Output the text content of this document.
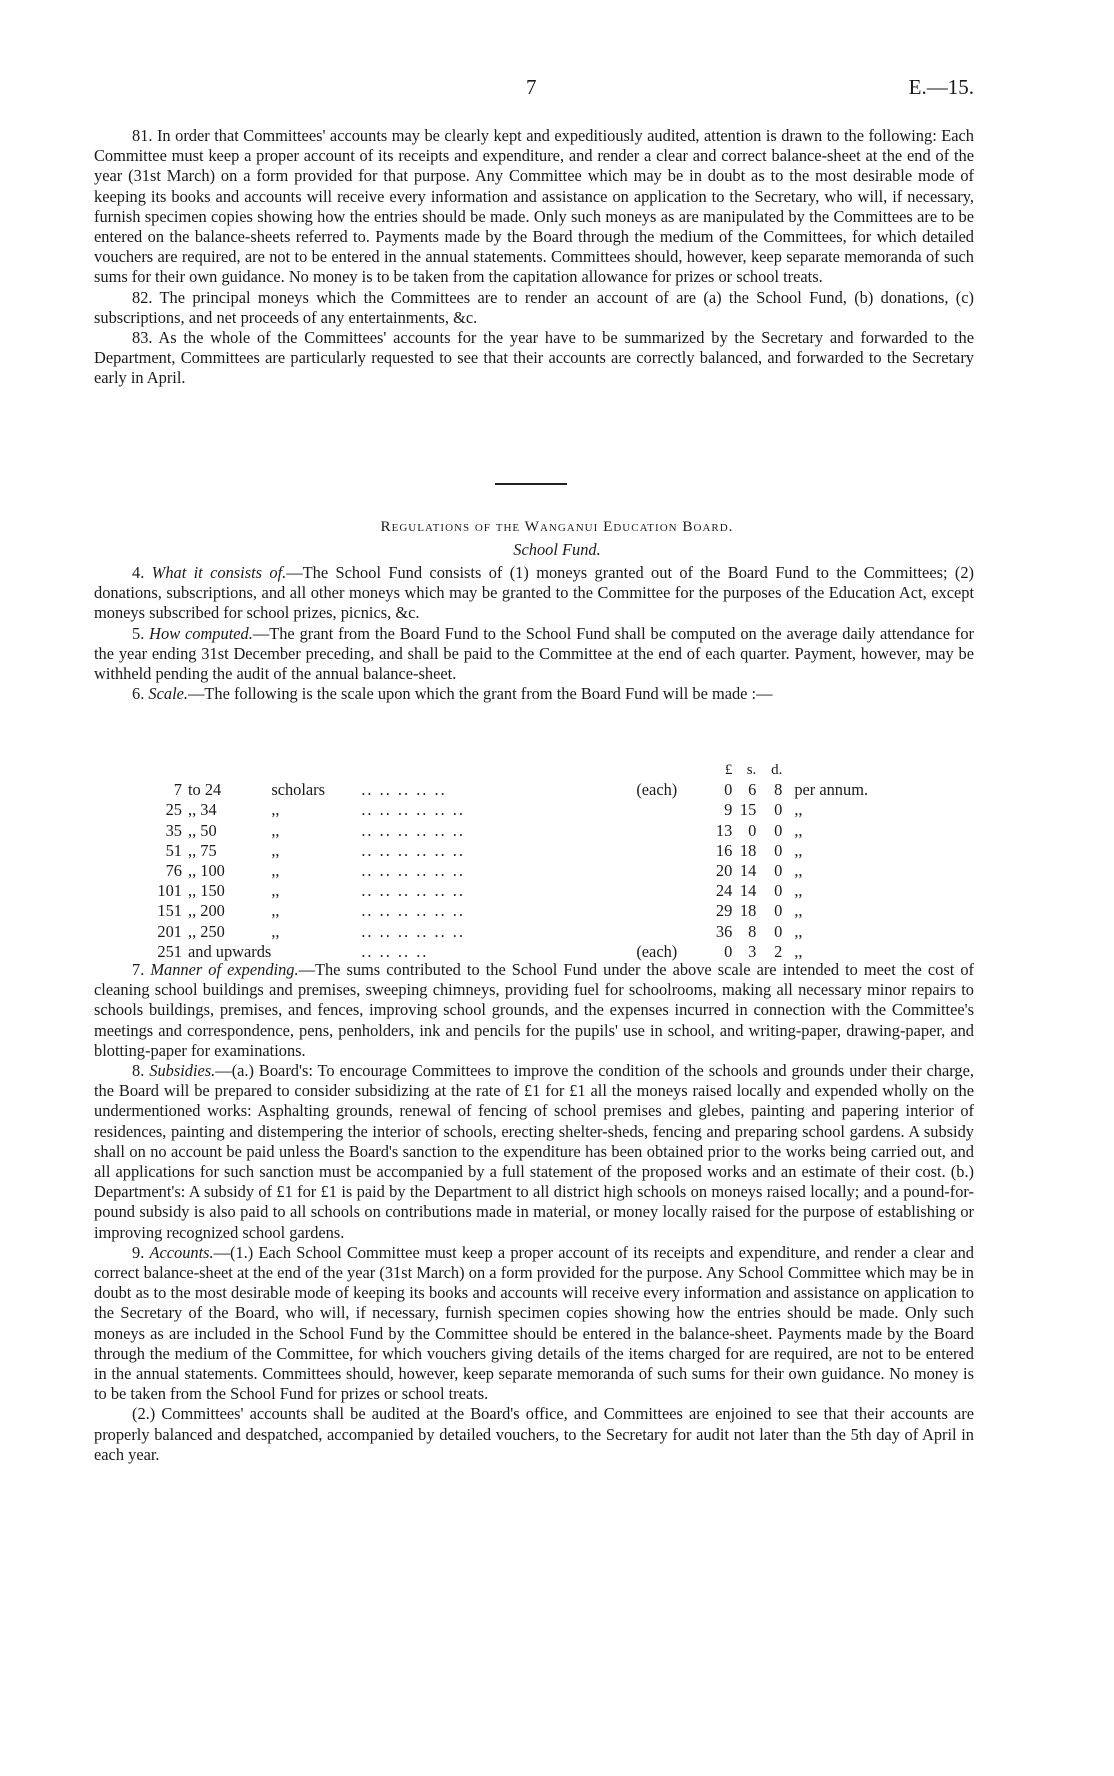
7	E.—15.

81. In order that Committees' accounts may be clearly kept and expeditiously audited, attention is drawn to the following: Each Committee must keep a proper account of its receipts and expenditure, and render a clear and correct balance-sheet at the end of the year (31st March) on a form provided for that purpose. Any Committee which may be in doubt as to the most desirable mode of keeping its books and accounts will receive every information and assistance on application to the Secretary, who will, if necessary, furnish specimen copies showing how the entries should be made. Only such moneys as are manipulated by the Committees are to be entered on the balance-sheets referred to. Payments made by the Board through the medium of the Committees, for which detailed vouchers are required, are not to be entered in the annual statements. Committees should, however, keep separate memoranda of such sums for their own guidance. No money is to be taken from the capitation allowance for prizes or school treats.

82. The principal moneys which the Committees are to render an account of are (a) the School Fund, (b) donations, (c) subscriptions, and net proceeds of any entertainments, &c.

83. As the whole of the Committees' accounts for the year have to be summarized by the Secretary and forwarded to the Department, Committees are particularly requested to see that their accounts are correctly balanced, and forwarded to the Secretary early in April.

Regulations of the Wanganui Education Board.
School Fund.

4. What it consists of.—The School Fund consists of (1) moneys granted out of the Board Fund to the Committees; (2) donations, subscriptions, and all other moneys which may be granted to the Committee for the purposes of the Education Act, except moneys subscribed for school prizes, picnics, &c.

5. How computed.—The grant from the Board Fund to the School Fund shall be computed on the average daily attendance for the year ending 31st December preceding, and shall be paid to the Committee at the end of each quarter. Payment, however, may be withheld pending the audit of the annual balance-sheet.

6. Scale.—The following is the scale upon which the grant from the Board Fund will be made :—

					£	s.	d.	
7	to 24	scholars	.. .. .. .. ..	(each)	0	6	8	per annum.
25	,, 34	,,	.. .. .. .. .. ..		9	15	0	,,
35	,, 50	,,	.. .. .. .. .. ..		13	0	0	,,
51	,, 75	,,	.. .. .. .. .. ..		16	18	0	,,
76	,, 100	,,	.. .. .. .. .. ..		20	14	0	,,
101	,, 150	,,	.. .. .. .. .. ..		24	14	0	,,
151	,, 200	,,	.. .. .. .. .. ..		29	18	0	,,
201	,, 250	,,	.. .. .. .. .. ..		36	8	0	,,
251	and upwards		.. .. .. ..	(each)	0	3	2	,,

7. Manner of expending.—The sums contributed to the School Fund under the above scale are intended to meet the cost of cleaning school buildings and premises, sweeping chimneys, providing fuel for schoolrooms, making all necessary minor repairs to schools buildings, premises, and fences, improving school grounds, and the expenses incurred in connection with the Committee's meetings and correspondence, pens, penholders, ink and pencils for the pupils' use in school, and writing-paper, drawing-paper, and blotting-paper for examinations.

8. Subsidies.—(a.) Board's: To encourage Committees to improve the condition of the schools and grounds under their charge, the Board will be prepared to consider subsidizing at the rate of £1 for £1 all the moneys raised locally and expended wholly on the undermentioned works: Asphalting grounds, renewal of fencing of school premises and glebes, painting and papering interior of residences, painting and distempering the interior of schools, erecting shelter-sheds, fencing and preparing school gardens. A subsidy shall on no account be paid unless the Board's sanction to the expenditure has been obtained prior to the works being carried out, and all applications for such sanction must be accompanied by a full statement of the proposed works and an estimate of their cost. (b.) Department's: A subsidy of £1 for £1 is paid by the Department to all district high schools on moneys raised locally; and a pound-for-pound subsidy is also paid to all schools on contributions made in material, or money locally raised for the purpose of establishing or improving recognized school gardens.

9. Accounts.—(1.) Each School Committee must keep a proper account of its receipts and expenditure, and render a clear and correct balance-sheet at the end of the year (31st March) on a form provided for the purpose. Any School Committee which may be in doubt as to the most desirable mode of keeping its books and accounts will receive every information and assistance on application to the Secretary of the Board, who will, if necessary, furnish specimen copies showing how the entries should be made. Only such moneys as are included in the School Fund by the Committee should be entered in the balance-sheet. Payments made by the Board through the medium of the Committee, for which vouchers giving details of the items charged for are required, are not to be entered in the annual statements. Committees should, however, keep separate memoranda of such sums for their own guidance. No money is to be taken from the School Fund for prizes or school treats.

(2.) Committees' accounts shall be audited at the Board's office, and Committees are enjoined to see that their accounts are properly balanced and despatched, accompanied by detailed vouchers, to the Secretary for audit not later than the 5th day of April in each year.
